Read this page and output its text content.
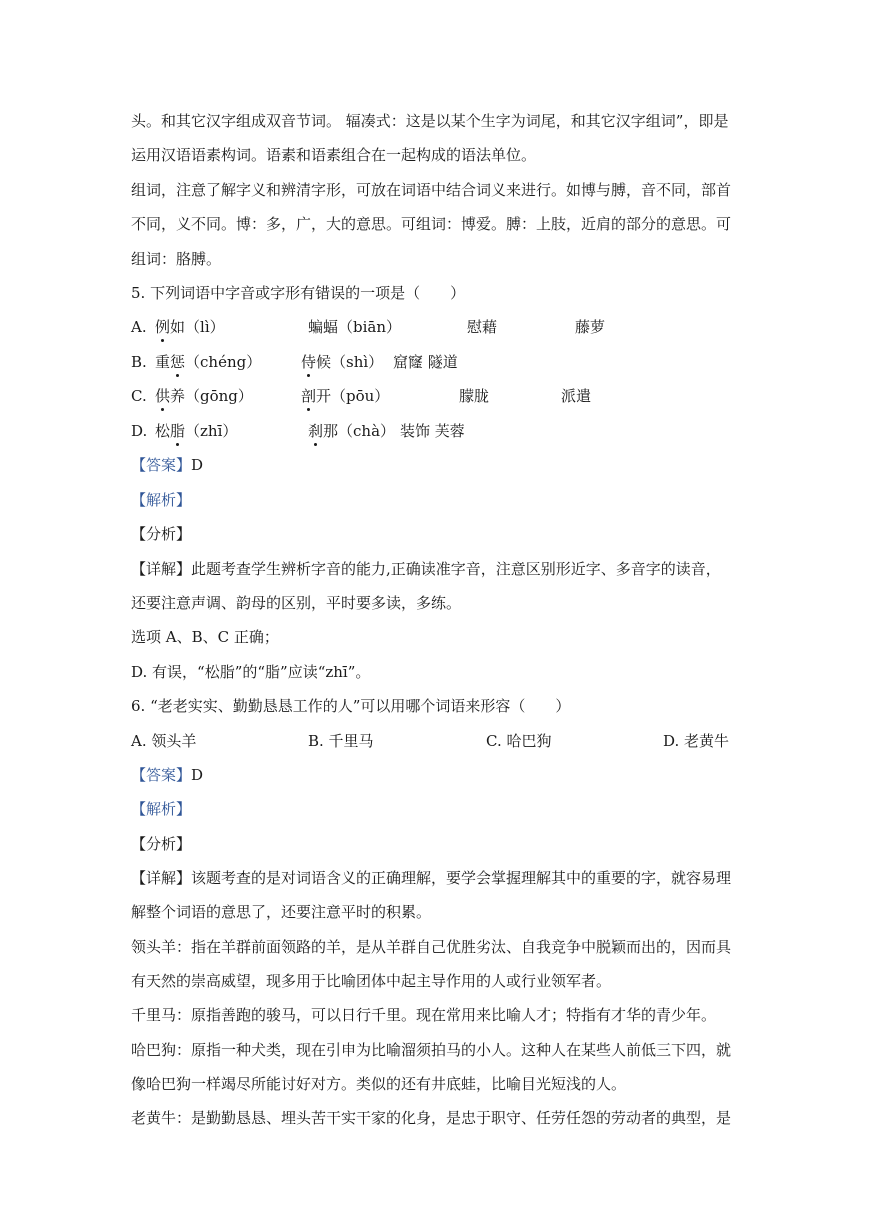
头。和其它汉字组成双音节词。 辐凑式：这是以某个生字为词尾，和其它汉字组词”，即是
运用汉语语素构词。语素和语素组合在一起构成的语法单位。
组词，注意了解字义和辨清字形，可放在词语中结合词义来进行。如博与膊，音不同，部首
不同，义不同。博：多，广，大的意思。可组词：博爱。膊：上肢，近肩的部分的意思。可
组词：胳膊。
5. 下列词语中字音或字形有错误的一项是（　　）
A. 例如（lì）	蝙蝠（biān）	慰藉	藤萝
B. 重惩（chéng）	侍候（shì） 窟窿 隧道
C. 供养（gōng）	剖开（pōu）	朦胧	派遣
D. 松脂（zhī）	刹那（chà） 装饰 芙蓉
【答案】D
【解析】
【分析】
【详解】此题考查学生辨析字音的能力,正确读准字音，注意区别形近字、多音字的读音，
还要注意声调、韵母的区别，平时要多读，多练。
选项 A、B、C 正确；
D. 有误，“松脂”的“脂”应读“zhī”。
6. “老老实实、勤勤恳恳工作的人”可以用哪个词语来形容（　　）
A. 领头羊	B. 千里马	C. 哈巴狗	D. 老黄牛
【答案】D
【解析】
【分析】
【详解】该题考查的是对词语含义的正确理解，要学会掌握理解其中的重要的字，就容易理
解整个词语的意思了，还要注意平时的积累。
领头羊：指在羊群前面领路的羊，是从羊群自己优胜劣汰、自我竞争中脱颖而出的，因而具
有天然的崇高威望，现多用于比喻团体中起主导作用的人或行业领军者。
千里马：原指善跑的骏马，可以日行千里。现在常用来比喻人才；特指有才华的青少年。
哈巴狗：原指一种犬类，现在引申为比喻溜须拍马的小人。这种人在某些人前低三下四，就
像哈巴狗一样竭尽所能讨好对方。类似的还有井底蛙，比喻目光短浅的人。
老黄牛：是勤勤恳恳、埋头苦干实干家的化身，是忠于职守、任劳任怨的劳动者的典型，是
